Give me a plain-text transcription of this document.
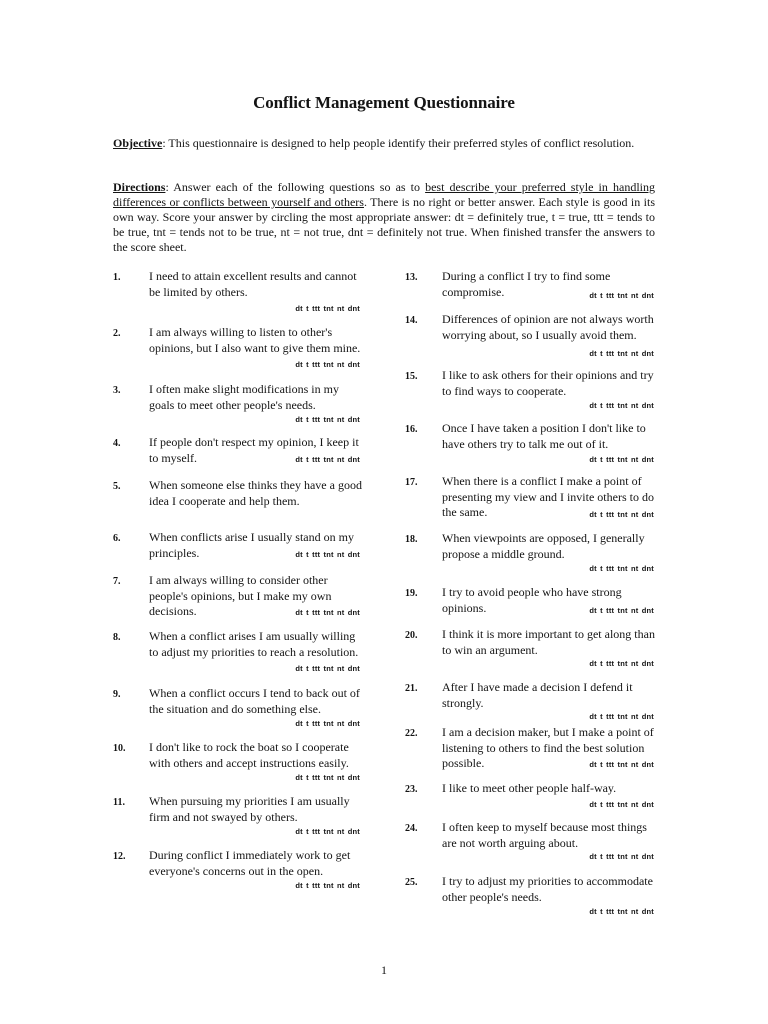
Conflict Management Questionnaire
Objective: This questionnaire is designed to help people identify their preferred styles of conflict resolution.
Directions: Answer each of the following questions so as to best describe your preferred style in handling differences or conflicts between yourself and others. There is no right or better answer. Each style is good in its own way. Score your answer by circling the most appropriate answer: dt = definitely true, t = true, ttt = tends to be true, tnt = tends not to be true, nt = not true, dnt = definitely not true. When finished transfer the answers to the score sheet.
1. I need to attain excellent results and cannot be limited by others.
dt t ttt tnt nt dnt
2. I am always willing to listen to other's opinions, but I also want to give them mine.
dt t ttt tnt nt dnt
3. I often make slight modifications in my goals to meet other people's needs.
dt t ttt tnt nt dnt
4. If people don't respect my opinion, I keep it to myself.	dt t ttt tnt nt dnt
5. When someone else thinks they have a good idea I cooperate and help them.
6. When conflicts arise I usually stand on my principles.	dt t ttt tnt nt dnt
7. I am always willing to consider other people's opinions, but I make my own decisions.	dt t ttt tnt nt dnt
8. When a conflict arises I am usually willing to adjust my priorities to reach a resolution.
dt t ttt tnt nt dnt
9. When a conflict occurs I tend to back out of the situation and do something else.
dt t ttt tnt nt dnt
10. I don't like to rock the boat so I cooperate with others and accept instructions easily.
dt t ttt tnt nt dnt
11. When pursuing my priorities I am usually firm and not swayed by others.
dt t ttt tnt nt dnt
12. During conflict I immediately work to get everyone's concerns out in the open.
dt t ttt tnt nt dnt
13. During a conflict I try to find some compromise.	dt t ttt tnt nt dnt
14. Differences of opinion are not always worth worrying about, so I usually avoid them.
dt t ttt tnt nt dnt
15. I like to ask others for their opinions and try to find ways to cooperate.
dt t ttt tnt nt dnt
16. Once I have taken a position I don't like to have others try to talk me out of it.
dt t ttt tnt nt dnt
17. When there is a conflict I make a point of presenting my view and I invite others to do the same.	dt t ttt tnt nt dnt
18. When viewpoints are opposed, I generally propose a middle ground.
dt t ttt tnt nt dnt
19. I try to avoid people who have strong opinions.	dt t ttt tnt nt dnt
20. I think it is more important to get along than to win an argument.
dt t ttt tnt nt dnt
21. After I have made a decision I defend it strongly.
dt t ttt tnt nt dnt
22. I am a decision maker, but I make a point of listening to others to find the best solution possible.	dt t ttt tnt nt dnt
23. I like to meet other people half-way.
dt t ttt tnt nt dnt
24. I often keep to myself because most things are not worth arguing about.
dt t ttt tnt nt dnt
25. I try to adjust my priorities to accommodate other people's needs.
dt t ttt tnt nt dnt
1
